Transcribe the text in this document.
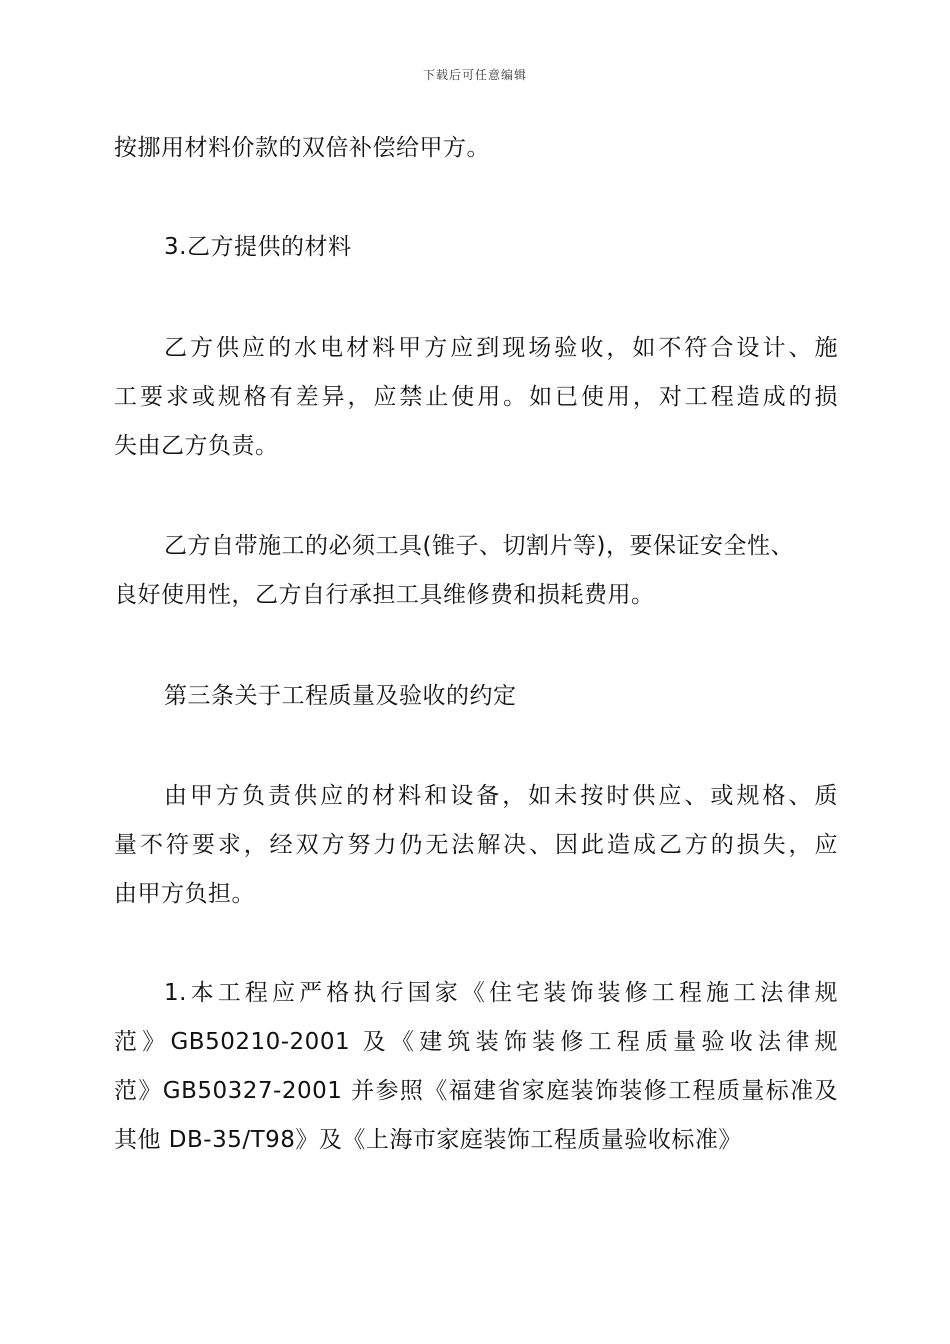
下载后可任意编辑
按挪用材料价款的双倍补偿给甲方。
3.乙方提供的材料
乙方供应的水电材料甲方应到现场验收，如不符合设计、施
工要求或规格有差异，应禁止使用。如已使用，对工程造成的损
失由乙方负责。
乙方自带施工的必须工具(锥子、切割片等)，要保证安全性、
良好使用性，乙方自行承担工具维修费和损耗费用。
第三条关于工程质量及验收的约定
由甲方负责供应的材料和设备，如未按时供应、或规格、质
量不符要求，经双方努力仍无法解决、因此造成乙方的损失，应
由甲方负担。
1.本工程应严格执行国家《住宅装饰装修工程施工法律规
范》GB50210-2001 及《建筑装饰装修工程质量验收法律规
范》GB50327-2001 并参照《福建省家庭装饰装修工程质量标准及
其他 DB-35/T98》及《上海市家庭装饰工程质量验收标准》
